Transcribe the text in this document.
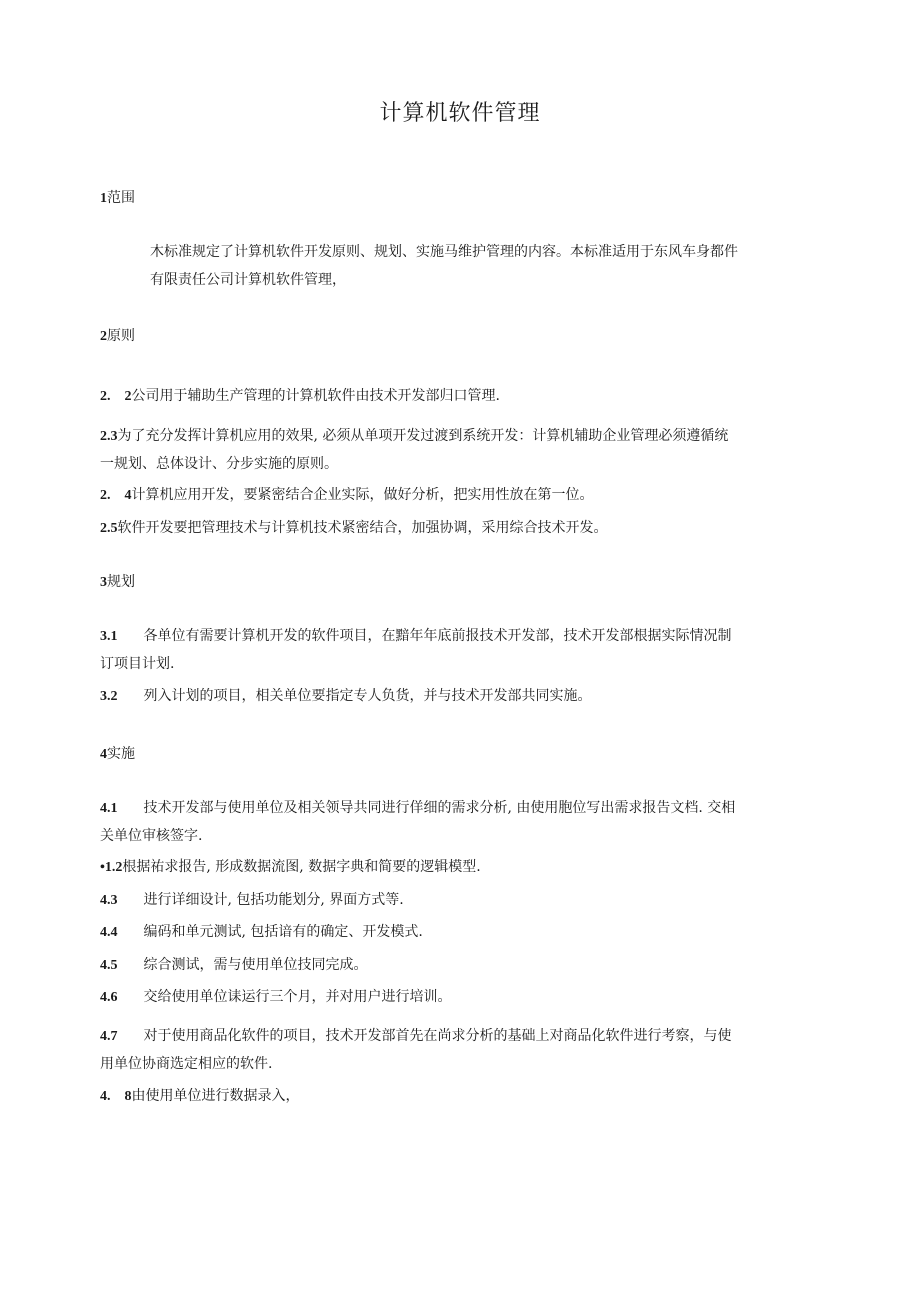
计算机软件管理
1范围
木标准规定了计算机软件开发原则、规划、实施马维护管理的内容。本标准适用于东风车身都件
有限责任公司计算机软件管理，
2原则
2. 2公司用于辅助生产管理的计算机软件由技术开发部归口管理.
2.3为了充分发挥计算机应用的效果, 必须从单项开发过渡到系统开发：计算机辅助企业管理必须遵循统
一规划、总体设计、分步实施的原则。
2. 4计算机应用开发，要紧密结合企业实际，做好分析，把实用性放在第一位。
2.5软件开发要把管理技术与计算机技术紧密结合，加强协调，采用综合技术开发。
3规划
3.1 各单位有需要计算机开发的软件项目，在黯年年底前报技术开发部，技术开发部根据实际情况制
订项目计划.
3.2 列入计划的项目，相关单位要指定专人负货，并与技术开发部共同实施。
4实施
4.1 技术开发部与使用单位及相关领导共同进行佯细的需求分析, 由使用胞位写出需求报告文档. 交相
关单位审核签字.
•1.2根据祐求报告, 形成数据流图, 数据字典和简要的逻辑模型.
4.3 进行详细设计, 包括功能划分, 界面方式等.
4.4 编码和单元测试, 包括谙有的确定、开发模式.
4.5 综合测试，需与使用单位技同完成。
4.6 交给使用单位诔运行三个月，并对用户进行培训。
4.7 对于使用商品化软件的项目，技术开发部首先在尚求分析的基础上对商品化软件进行考察，与使
用单位协商选定相应的软件.
4. 8由使用单位进行数据录入，
